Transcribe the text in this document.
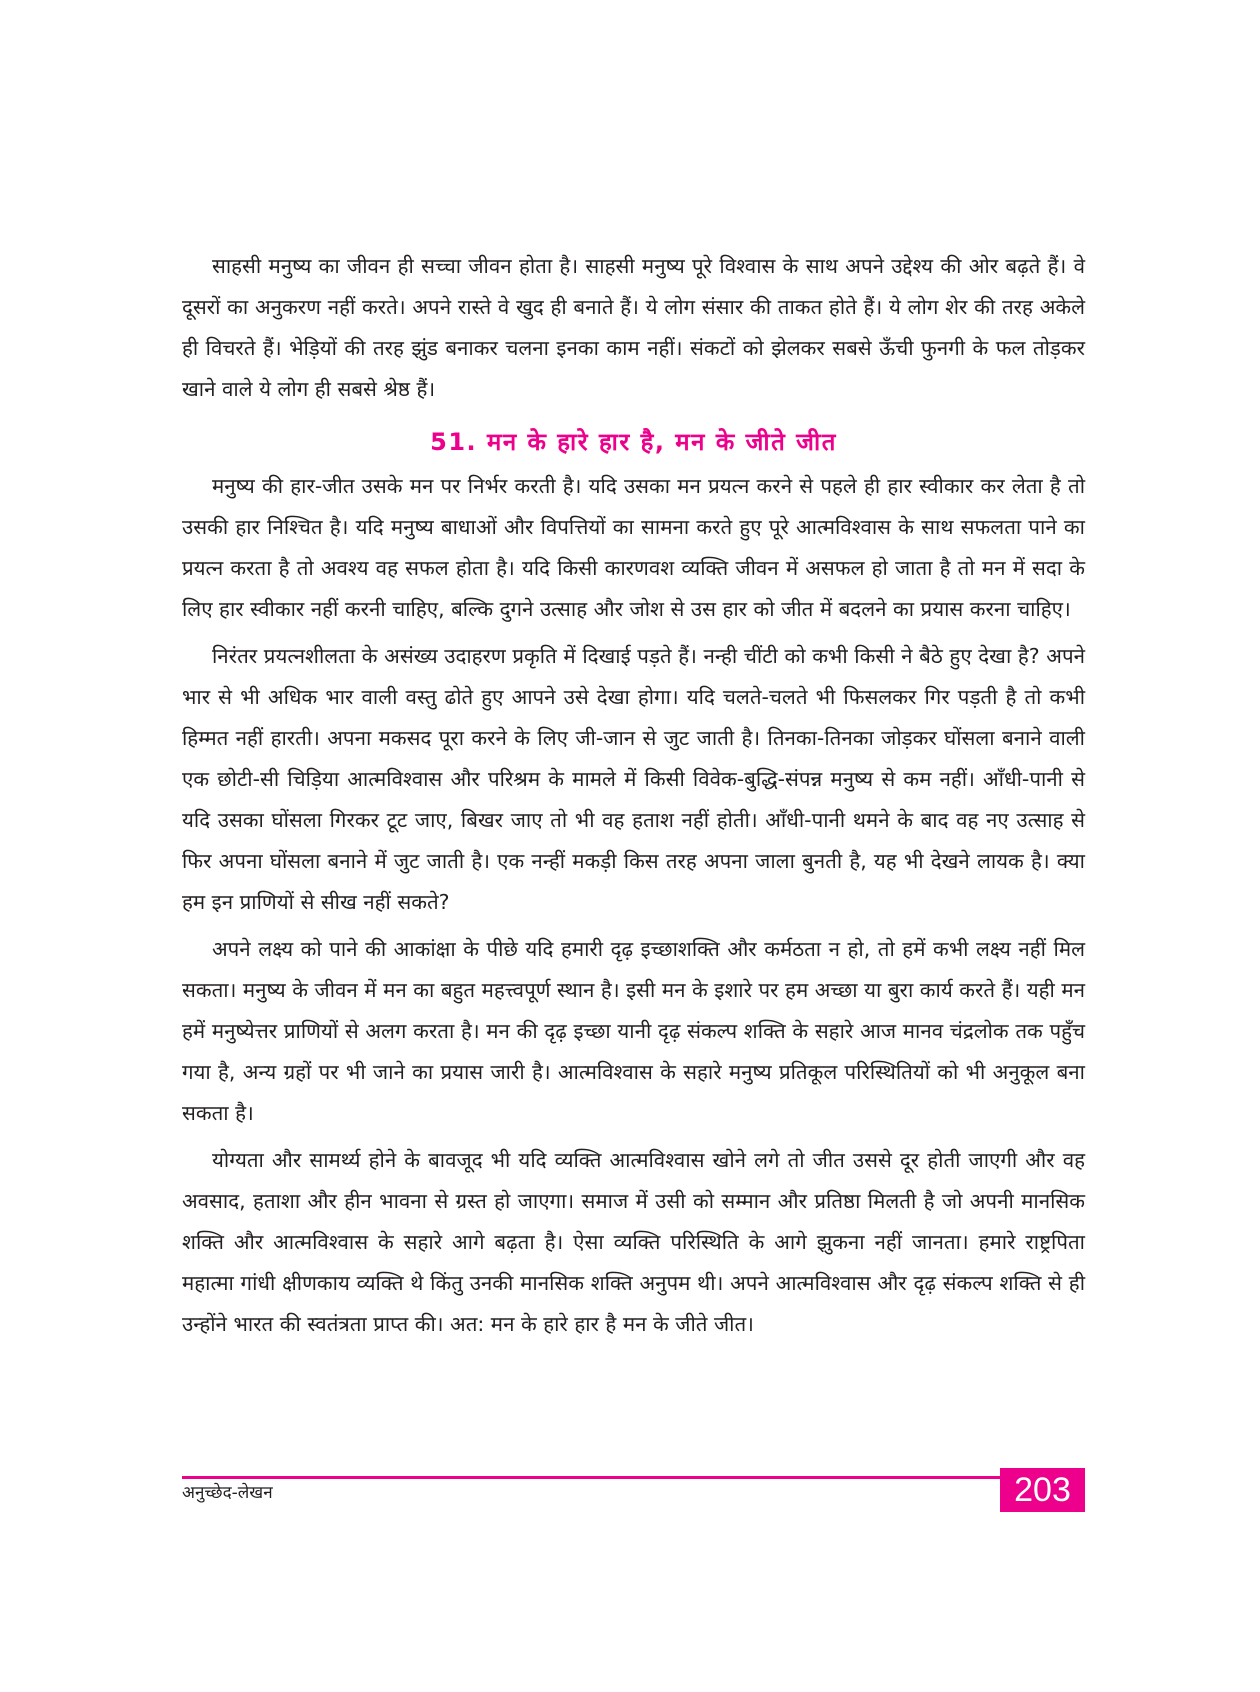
साहसी मनुष्य का जीवन ही सच्चा जीवन होता है। साहसी मनुष्य पूरे विश्वास के साथ अपने उद्देश्य की ओर बढ़ते हैं। वे दूसरों का अनुकरण नहीं करते। अपने रास्ते वे खुद ही बनाते हैं। ये लोग संसार की ताकत होते हैं। ये लोग शेर की तरह अकेले ही विचरते हैं। भेड़ियों की तरह झुंड बनाकर चलना इनका काम नहीं। संकटों को झेलकर सबसे ऊँची फुनगी के फल तोड़कर खाने वाले ये लोग ही सबसे श्रेष्ठ हैं।

51. मन के हारे हार है, मन के जीते जीत

मनुष्य की हार-जीत उसके मन पर निर्भर करती है। यदि उसका मन प्रयत्न करने से पहले ही हार स्वीकार कर लेता है तो उसकी हार निश्चित है। यदि मनुष्य बाधाओं और विपत्तियों का सामना करते हुए पूरे आत्मविश्वास के साथ सफलता पाने का प्रयत्न करता है तो अवश्य वह सफल होता है। यदि किसी कारणवश व्यक्ति जीवन में असफल हो जाता है तो मन में सदा के लिए हार स्वीकार नहीं करनी चाहिए, बल्कि दुगने उत्साह और जोश से उस हार को जीत में बदलने का प्रयास करना चाहिए।

निरंतर प्रयत्नशीलता के असंख्य उदाहरण प्रकृति में दिखाई पड़ते हैं। नन्ही चींटी को कभी किसी ने बैठे हुए देखा है? अपने भार से भी अधिक भार वाली वस्तु ढोते हुए आपने उसे देखा होगा। यदि चलते-चलते भी फिसलकर गिर पड़ती है तो कभी हिम्मत नहीं हारती। अपना मकसद पूरा करने के लिए जी-जान से जुट जाती है। तिनका-तिनका जोड़कर घोंसला बनाने वाली एक छोटी-सी चिड़िया आत्मविश्वास और परिश्रम के मामले में किसी विवेक-बुद्धि-संपन्न मनुष्य से कम नहीं। आँधी-पानी से यदि उसका घोंसला गिरकर टूट जाए, बिखर जाए तो भी वह हताश नहीं होती। आँधी-पानी थमने के बाद वह नए उत्साह से फिर अपना घोंसला बनाने में जुट जाती है। एक नन्हीं मकड़ी किस तरह अपना जाला बुनती है, यह भी देखने लायक है। क्या हम इन प्राणियों से सीख नहीं सकते?

अपने लक्ष्य को पाने की आकांक्षा के पीछे यदि हमारी दृढ़ इच्छाशक्ति और कर्मठता न हो, तो हमें कभी लक्ष्य नहीं मिल सकता। मनुष्य के जीवन में मन का बहुत महत्त्वपूर्ण स्थान है। इसी मन के इशारे पर हम अच्छा या बुरा कार्य करते हैं। यही मन हमें मनुष्येत्तर प्राणियों से अलग करता है। मन की दृढ़ इच्छा यानी दृढ़ संकल्प शक्ति के सहारे आज मानव चंद्रलोक तक पहुँच गया है, अन्य ग्रहों पर भी जाने का प्रयास जारी है। आत्मविश्वास के सहारे मनुष्य प्रतिकूल परिस्थितियों को भी अनुकूल बना सकता है।

योग्यता और सामर्थ्य होने के बावजूद भी यदि व्यक्ति आत्मविश्वास खोने लगे तो जीत उससे दूर होती जाएगी और वह अवसाद, हताशा और हीन भावना से ग्रस्त हो जाएगा। समाज में उसी को सम्मान और प्रतिष्ठा मिलती है जो अपनी मानसिक शक्ति और आत्मविश्वास के सहारे आगे बढ़ता है। ऐसा व्यक्ति परिस्थिति के आगे झुकना नहीं जानता। हमारे राष्ट्रपिता महात्मा गांधी क्षीणकाय व्यक्ति थे किंतु उनकी मानसिक शक्ति अनुपम थी। अपने आत्मविश्वास और दृढ़ संकल्प शक्ति से ही उन्होंने भारत की स्वतंत्रता प्राप्त की। अत: मन के हारे हार है मन के जीते जीत।

अनुच्छेद-लेखन	203
